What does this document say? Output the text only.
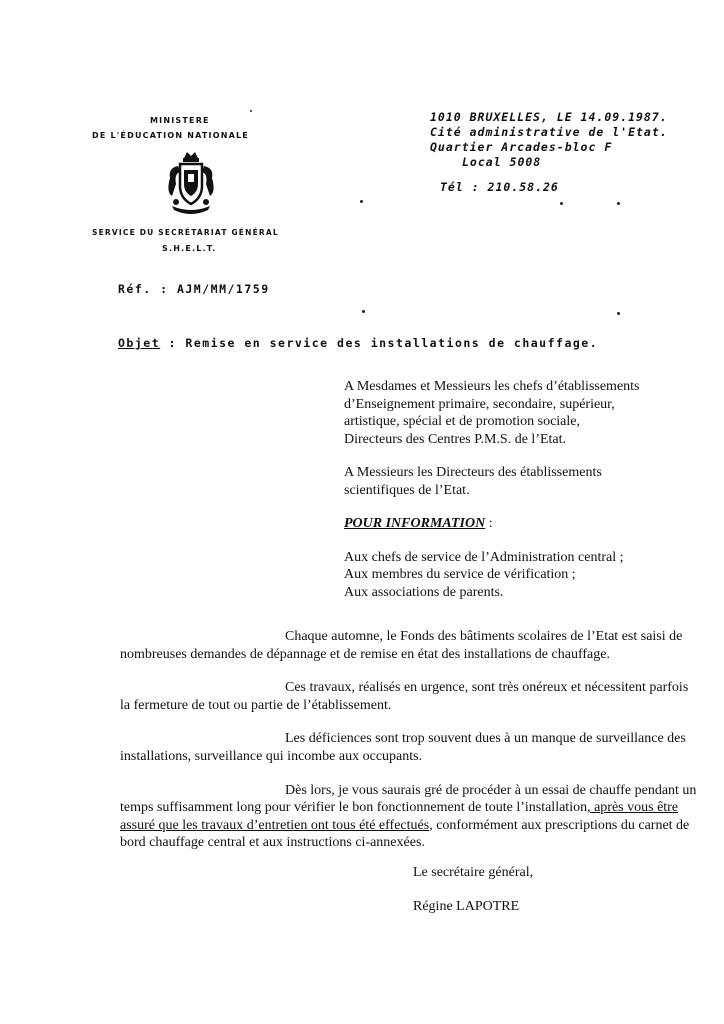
MINISTERE
DE L'ÉDUCATION NATIONALE
SERVICE DU SECRÉTARIAT GÉNÉRAL
S.H.E.L.T.
1010 BRUXELLES, LE 14.09.1987.
Cité administrative de l'Etat.
Quartier Arcades-bloc F
Local 5008
Tél : 210.58.26
Réf. : AJM/MM/1759
Objet : Remise en service des installations de chauffage.

A Mesdames et Messieurs les chefs d’établissements
d’Enseignement primaire, secondaire, supérieur,
artistique, spécial et de promotion sociale,
Directeurs des Centres P.M.S. de l’Etat.

A Messieurs les Directeurs des établissements
scientifiques de l’Etat.

POUR INFORMATION :

Aux chefs de service de l’Administration central ;
Aux membres du service de vérification ;
Aux associations de parents.

Chaque automne, le Fonds des bâtiments scolaires de l’Etat est saisi de nombreuses demandes de dépannage et de remise en état des installations de chauffage.

Ces travaux, réalisés en urgence, sont très onéreux et nécessitent parfois la fermeture de tout ou partie de l’établissement.

Les déficiences sont trop souvent dues à un manque de surveillance des installations, surveillance qui incombe aux occupants.

Dès lors, je vous saurais gré de procéder à un essai de chauffe pendant un temps suffisamment long pour vérifier le bon fonctionnement de toute l’installation, après vous être assuré que les travaux d’entretien ont tous été effectués, conformément aux prescriptions du carnet de bord chauffage central et aux instructions ci-annexées.

Le secrétaire général,
Régine LAPOTRE
